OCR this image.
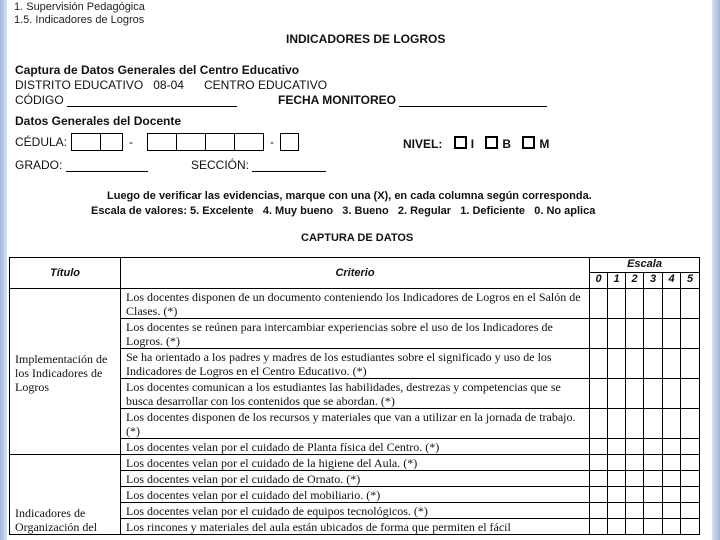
1. Supervisión Pedagógica
1.5. Indicadores de Logros
INDICADORES DE LOGROS
Captura de Datos Generales del Centro Educativo
DISTRITO EDUCATIVO 08-04 CENTRO EDUCATIVO
CÓDIGO	FECHA MONITOREO
Datos Generales del Docente
CÉDULA:	-	-	NIVEL: I B M
GRADO:	SECCIÓN:
Luego de verificar las evidencias, marque con una (X), en cada columna según corresponda.
Escala de valores: 5. Excelente   4. Muy bueno   3. Bueno   2. Regular   1. Deficiente   0. No aplica
CAPTURA DE DATOS
Título	Criterio	Escala					
		0	1	2	3	4	5
Implementación de los Indicadores de Logros	Los docentes disponen de un documento conteniendo los Indicadores de Logros en el Salón de Clases. (*)						
	Los docentes se reúnen para intercambiar experiencias sobre el uso de los Indicadores de Logros. (*)						
	Se ha orientado a los padres y madres de los estudiantes sobre el significado y uso de los Indicadores de Logros en el Centro Educativo. (*)						
	Los docentes comunican a los estudiantes las habilidades, destrezas y competencias que se busca desarrollar con los contenidos que se abordan. (*)						
	Los docentes disponen de los recursos y materiales que van a utilizar en la jornada de trabajo. (*)						
	Los docentes velan por el cuidado de Planta física del Centro. (*)						
Indicadores de Organización del	Los docentes velan por el cuidado de la higiene del Aula. (*)						
	Los docentes velan por el cuidado de Ornato. (*)						
	Los docentes velan por el cuidado del mobiliario. (*)						
	Los docentes velan por el cuidado de equipos tecnológicos. (*)						
	Los rincones y materiales del aula están ubicados de forma que permiten el fácil						
